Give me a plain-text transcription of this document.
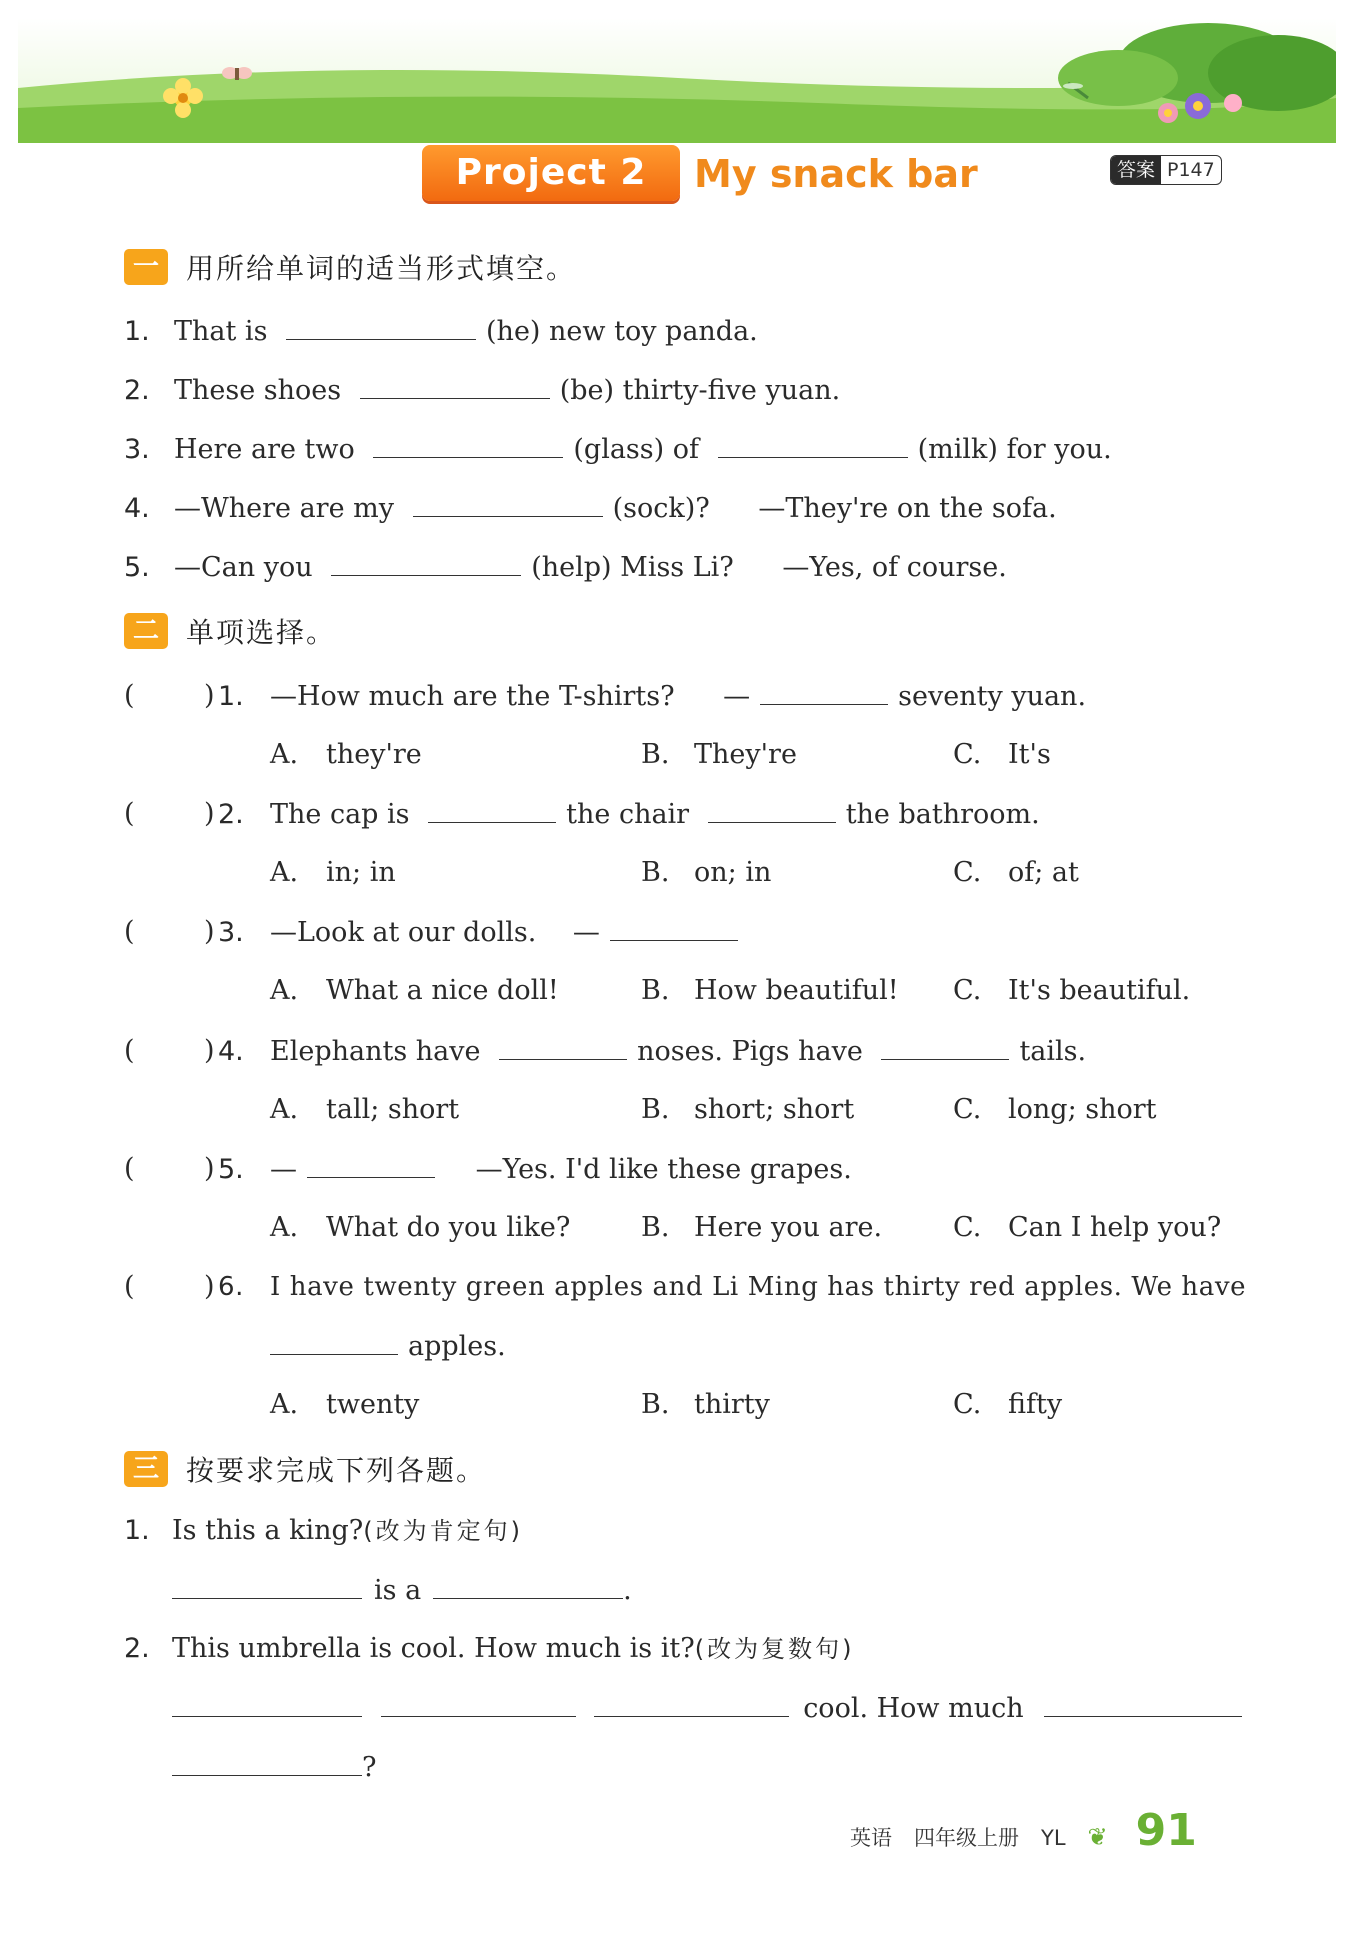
Project 2	My snack bar	答案 P147
一 用所给单词的适当形式填空。
1. That is	(he) new toy panda.
2. These shoes	(be) thirty-five yuan.
3. Here are two	(glass) of	(milk) for you.
4. —Where are my	(sock)? —They're on the sofa.
5. —Can you	(help) Miss Li? —Yes, of course.
二 单项选择。
(	) 1. —How much are the T-shirts? —	seventy yuan.
A. they're	B. They're	C. It's
(	) 2. The cap is	the chair	the bathroom.
A. in; in	B. on; in	C. of; at
(	) 3. —Look at our dolls. —
A. What a nice doll!	B. How beautiful! C. It's beautiful.
(	) 4. Elephants have	noses. Pigs have	tails.
A. tall; short	B. short; short	C. long; short
(	) 5. —	—Yes. I'd like these grapes.
A. What do you like?	B. Here you are.	C. Can I help you?
(	) 6. I have twenty green apples and Li Ming has thirty red apples. We have
apples.
A. twenty	B. thirty	C. fifty
三 按要求完成下列各题。
1. Is this a king?(改为肯定句)
is a	.
2. This umbrella is cool. How much is it?(改为复数句)
cool. How much
?
英语 四年级上册 YL ❦ 91
